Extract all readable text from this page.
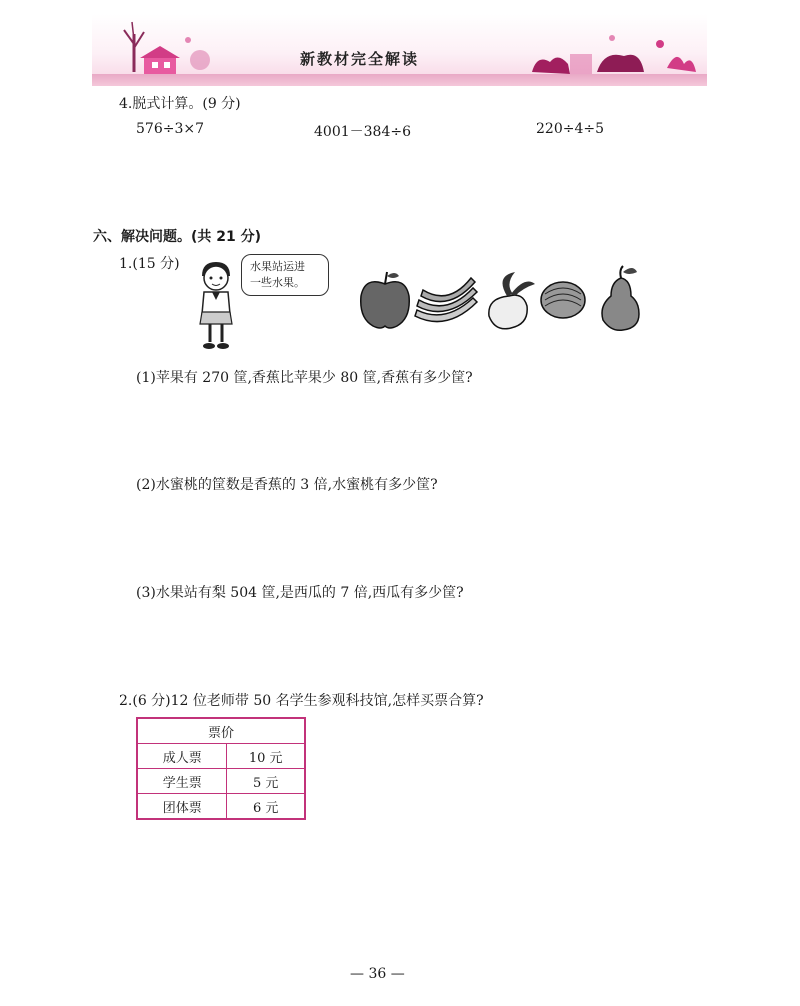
新教材完全解读
4.脱式计算。(9 分)
576÷3×7	4001－384÷6	220÷4÷5
六、解决问题。(共 21 分)
1.(15 分)	水果站运进
一些水果。
(1)苹果有 270 筐,香蕉比苹果少 80 筐,香蕉有多少筐?
(2)水蜜桃的筐数是香蕉的 3 倍,水蜜桃有多少筐?
(3)水果站有梨 504 筐,是西瓜的 7 倍,西瓜有多少筐?
2.(6 分)12 位老师带 50 名学生参观科技馆,怎样买票合算?
票价	
成人票	10 元
学生票	5 元
团体票	6 元
— 36 —
